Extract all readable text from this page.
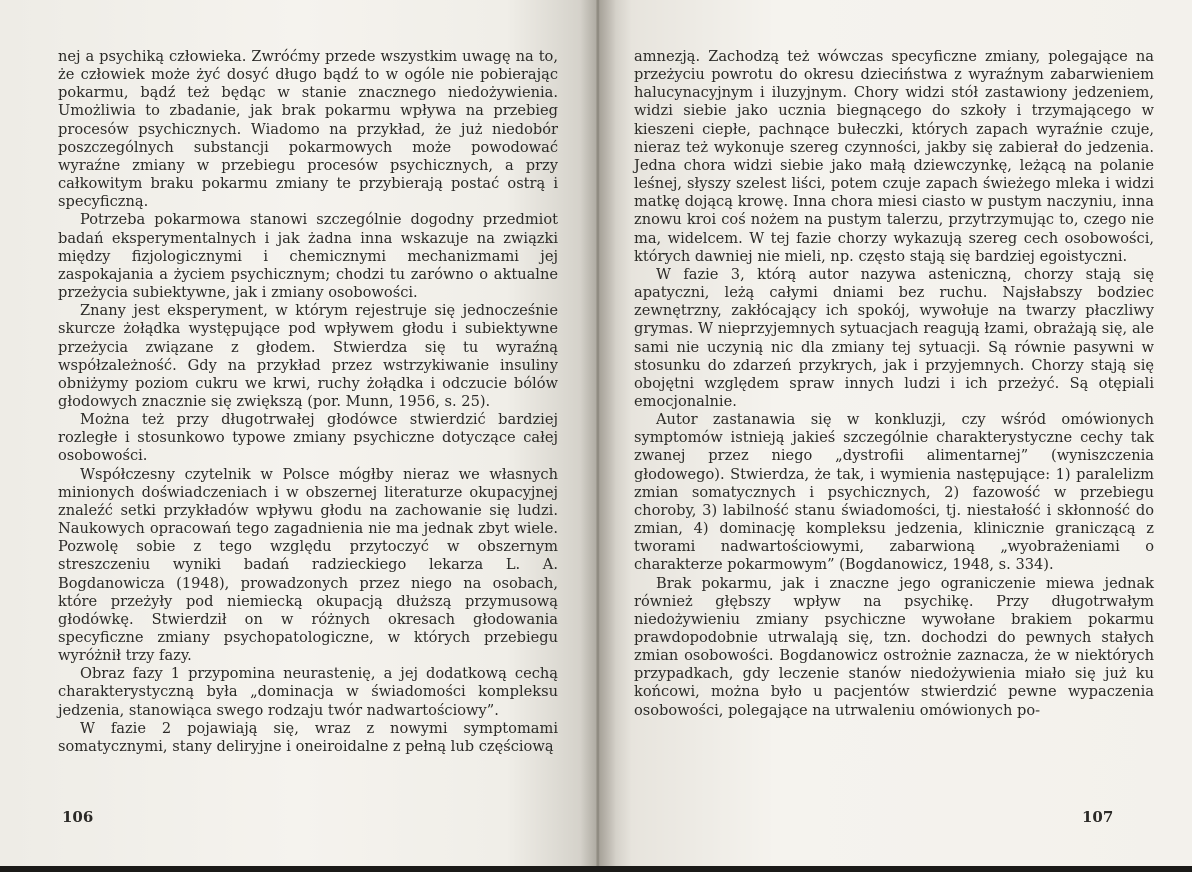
nej a psychiką człowieka. Zwróćmy przede wszystkim uwagę na to, że człowiek może żyć dosyć długo bądź to w ogóle nie pobierając pokarmu, bądź też będąc w stanie znacznego niedożywienia. Umożliwia to zbadanie, jak brak pokarmu wpływa na przebieg procesów psychicznych. Wiadomo na przykład, że już niedobór poszczególnych substancji pokarmowych może powodować wyraźne zmiany w przebiegu procesów psychicznych, a przy całkowitym braku pokarmu zmiany te przybierają postać ostrą i specyficzną.

Potrzeba pokarmowa stanowi szczególnie dogodny przedmiot badań eksperymentalnych i jak żadna inna wskazuje na związki między fizjologicznymi i chemicznymi mechanizmami jej zaspokajania a życiem psychicznym; chodzi tu zarówno o aktualne przeżycia subiektywne, jak i zmiany osobowości.

Znany jest eksperyment, w którym rejestruje się jednocześnie skurcze żołądka występujące pod wpływem głodu i subiektywne przeżycia związane z głodem. Stwierdza się tu wyraźną współzależność. Gdy na przykład przez wstrzykiwanie insuliny obniżymy poziom cukru we krwi, ruchy żołądka i odczucie bólów głodowych znacznie się zwiększą (por. Munn, 1956, s. 25).

Można też przy długotrwałej głodówce stwierdzić bardziej rozległe i stosunkowo typowe zmiany psychiczne dotyczące całej osobowości.

Współczesny czytelnik w Polsce mógłby nieraz we własnych minionych doświadczeniach i w obszernej literaturze okupacyjnej znaleźć setki przykładów wpływu głodu na zachowanie się ludzi. Naukowych opracowań tego zagadnienia nie ma jednak zbyt wiele. Pozwolę sobie z tego względu przytoczyć w obszernym streszczeniu wyniki badań radzieckiego lekarza L. A. Bogdanowicza (1948), prowadzonych przez niego na osobach, które przeżyły pod niemiecką okupacją dłuższą przymusową głodówkę. Stwierdził on w różnych okresach głodowania specyficzne zmiany psychopatologiczne, w których przebiegu wyróżnił trzy fazy.

Obraz fazy 1 przypomina neurastenię, a jej dodatkową cechą charakterystyczną była „dominacja w świadomości kompleksu jedzenia, stanowiąca swego rodzaju twór nadwartościowy”.

W fazie 2 pojawiają się, wraz z nowymi symptomami somatycznymi, stany deliryjne i oneiroidalne z pełną lub częściową

106

amnezją. Zachodzą też wówczas specyficzne zmiany, polegające na przeżyciu powrotu do okresu dzieciństwa z wyraźnym zabarwieniem halucynacyjnym i iluzyjnym. Chory widzi stół zastawiony jedzeniem, widzi siebie jako ucznia biegnącego do szkoły i trzymającego w kieszeni ciepłe, pachnące bułeczki, których zapach wyraźnie czuje, nieraz też wykonuje szereg czynności, jakby się zabierał do jedzenia. Jedna chora widzi siebie jako małą dziewczynkę, leżącą na polanie leśnej, słyszy szelest liści, potem czuje zapach świeżego mleka i widzi matkę dojącą krowę. Inna chora miesi ciasto w pustym naczyniu, inna znowu kroi coś nożem na pustym talerzu, przytrzymując to, czego nie ma, widelcem. W tej fazie chorzy wykazują szereg cech osobowości, których dawniej nie mieli, np. często stają się bardziej egoistyczni.

W fazie 3, którą autor nazywa asteniczną, chorzy stają się apatyczni, leżą całymi dniami bez ruchu. Najsłabszy bodziec zewnętrzny, zakłócający ich spokój, wywołuje na twarzy płaczliwy grymas. W nieprzyjemnych sytuacjach reagują łzami, obrażają się, ale sami nie uczynią nic dla zmiany tej sytuacji. Są równie pasywni w stosunku do zdarzeń przykrych, jak i przyjemnych. Chorzy stają się obojętni względem spraw innych ludzi i ich przeżyć. Są otępiali emocjonalnie.

Autor zastanawia się w konkluzji, czy wśród omówionych symptomów istnieją jakieś szczególnie charakterystyczne cechy tak zwanej przez niego „dystrofii alimentarnej” (wyniszczenia głodowego). Stwierdza, że tak, i wymienia następujące: 1) paralelizm zmian somatycznych i psychicznych, 2) fazowość w przebiegu choroby, 3) labilność stanu świadomości, tj. niestałość i skłonność do zmian, 4) dominację kompleksu jedzenia, klinicznie graniczącą z tworami nadwartościowymi, zabarwioną „wyobrażeniami o charakterze pokarmowym” (Bogdanowicz, 1948, s. 334).

Brak pokarmu, jak i znaczne jego ograniczenie miewa jednak również głębszy wpływ na psychikę. Przy długotrwałym niedożywieniu zmiany psychiczne wywołane brakiem pokarmu prawdopodobnie utrwalają się, tzn. dochodzi do pewnych stałych zmian osobowości. Bogdanowicz ostrożnie zaznacza, że w niektórych przypadkach, gdy leczenie stanów niedożywienia miało się już ku końcowi, można było u pacjentów stwierdzić pewne wypaczenia osobowości, polegające na utrwaleniu omówionych po-

107
